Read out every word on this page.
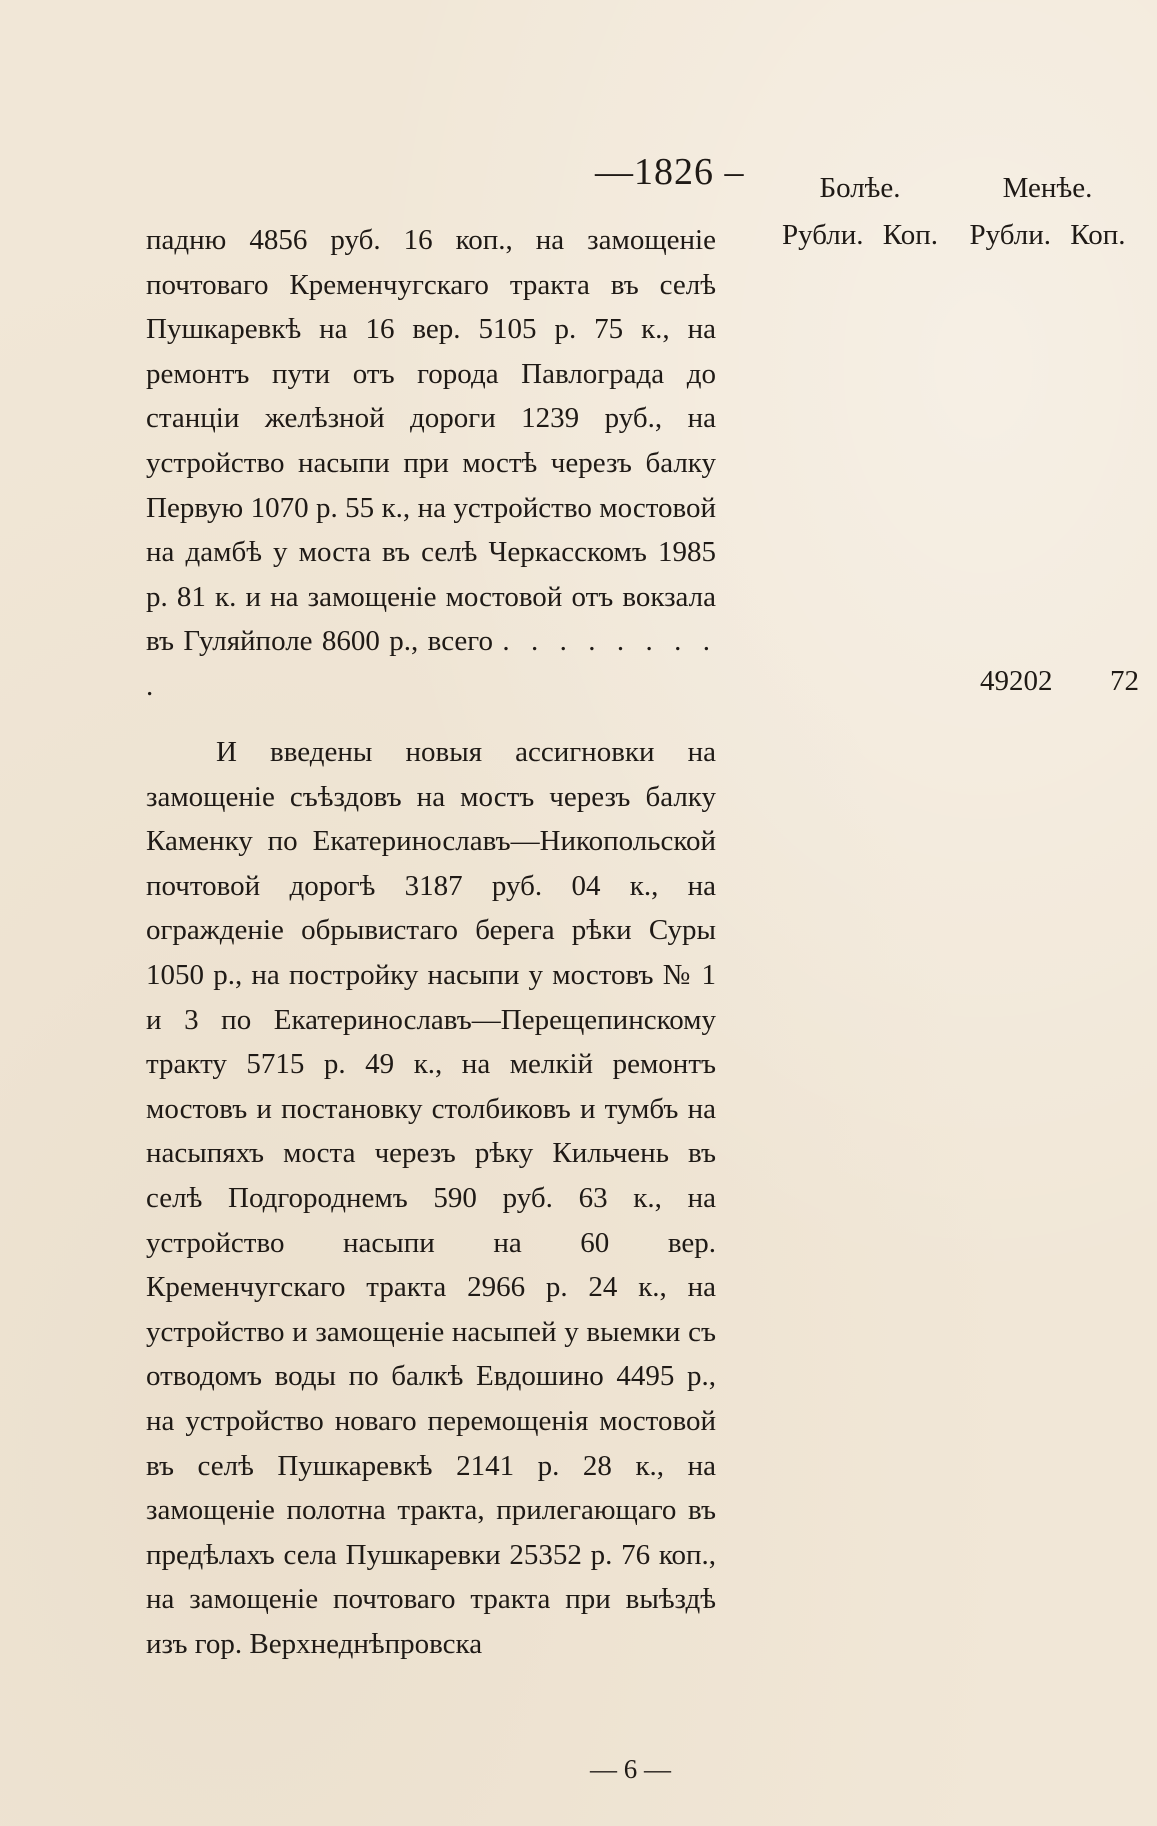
—1826 –	Болѣе.
Рубли. Коп.
Менѣе.
Рубли. Коп.

падню 4856 руб. 16 коп., на замощеніе почтоваго Кременчугскаго тракта въ селѣ Пушкаревкѣ на 16 вер. 5105 р. 75 к., на ремонтъ пути отъ города Павлограда до станціи желѣзной дороги 1239 руб., на устройство насыпи при мостѣ черезъ балку Первую 1070 р. 55 к., на устройство мостовой на дамбѣ у моста въ селѣ Черкасскомъ 1985 р. 81 к. и на замощеніе мостовой отъ вокзала въ Гуляйполе 8600 р., всего . . . . . . . . .	49202 72

И введены новыя ассигновки на замощеніе съѣздовъ на мостъ черезъ балку Каменку по Екатеринославъ—Никопольской почтовой дорогѣ 3187 руб. 04 к., на огражденіе обрывистаго берега рѣки Суры 1050 р., на постройку насыпи у мостовъ № 1 и 3 по Екатеринославъ—Перещепинскому тракту 5715 р. 49 к., на мелкій ремонтъ мостовъ и постановку столбиковъ и тумбъ на насыпяхъ моста черезъ рѣку Кильчень въ селѣ Подгороднемъ 590 руб. 63 к., на устройство насыпи на 60 вер. Кременчугскаго тракта 2966 р. 24 к., на устройство и замощеніе насыпей у выемки съ отводомъ воды по балкѣ Евдошино 4495 р., на устройство новаго перемощенія мостовой въ селѣ Пушкаревкѣ 2141 р. 28 к., на замощеніе полотна тракта, прилегающаго въ предѣлахъ села Пушкаревки 25352 р. 76 коп., на замощеніе почтоваго тракта при выѣздѣ изъ гор. Верхнеднѣпровска

— 6 —
